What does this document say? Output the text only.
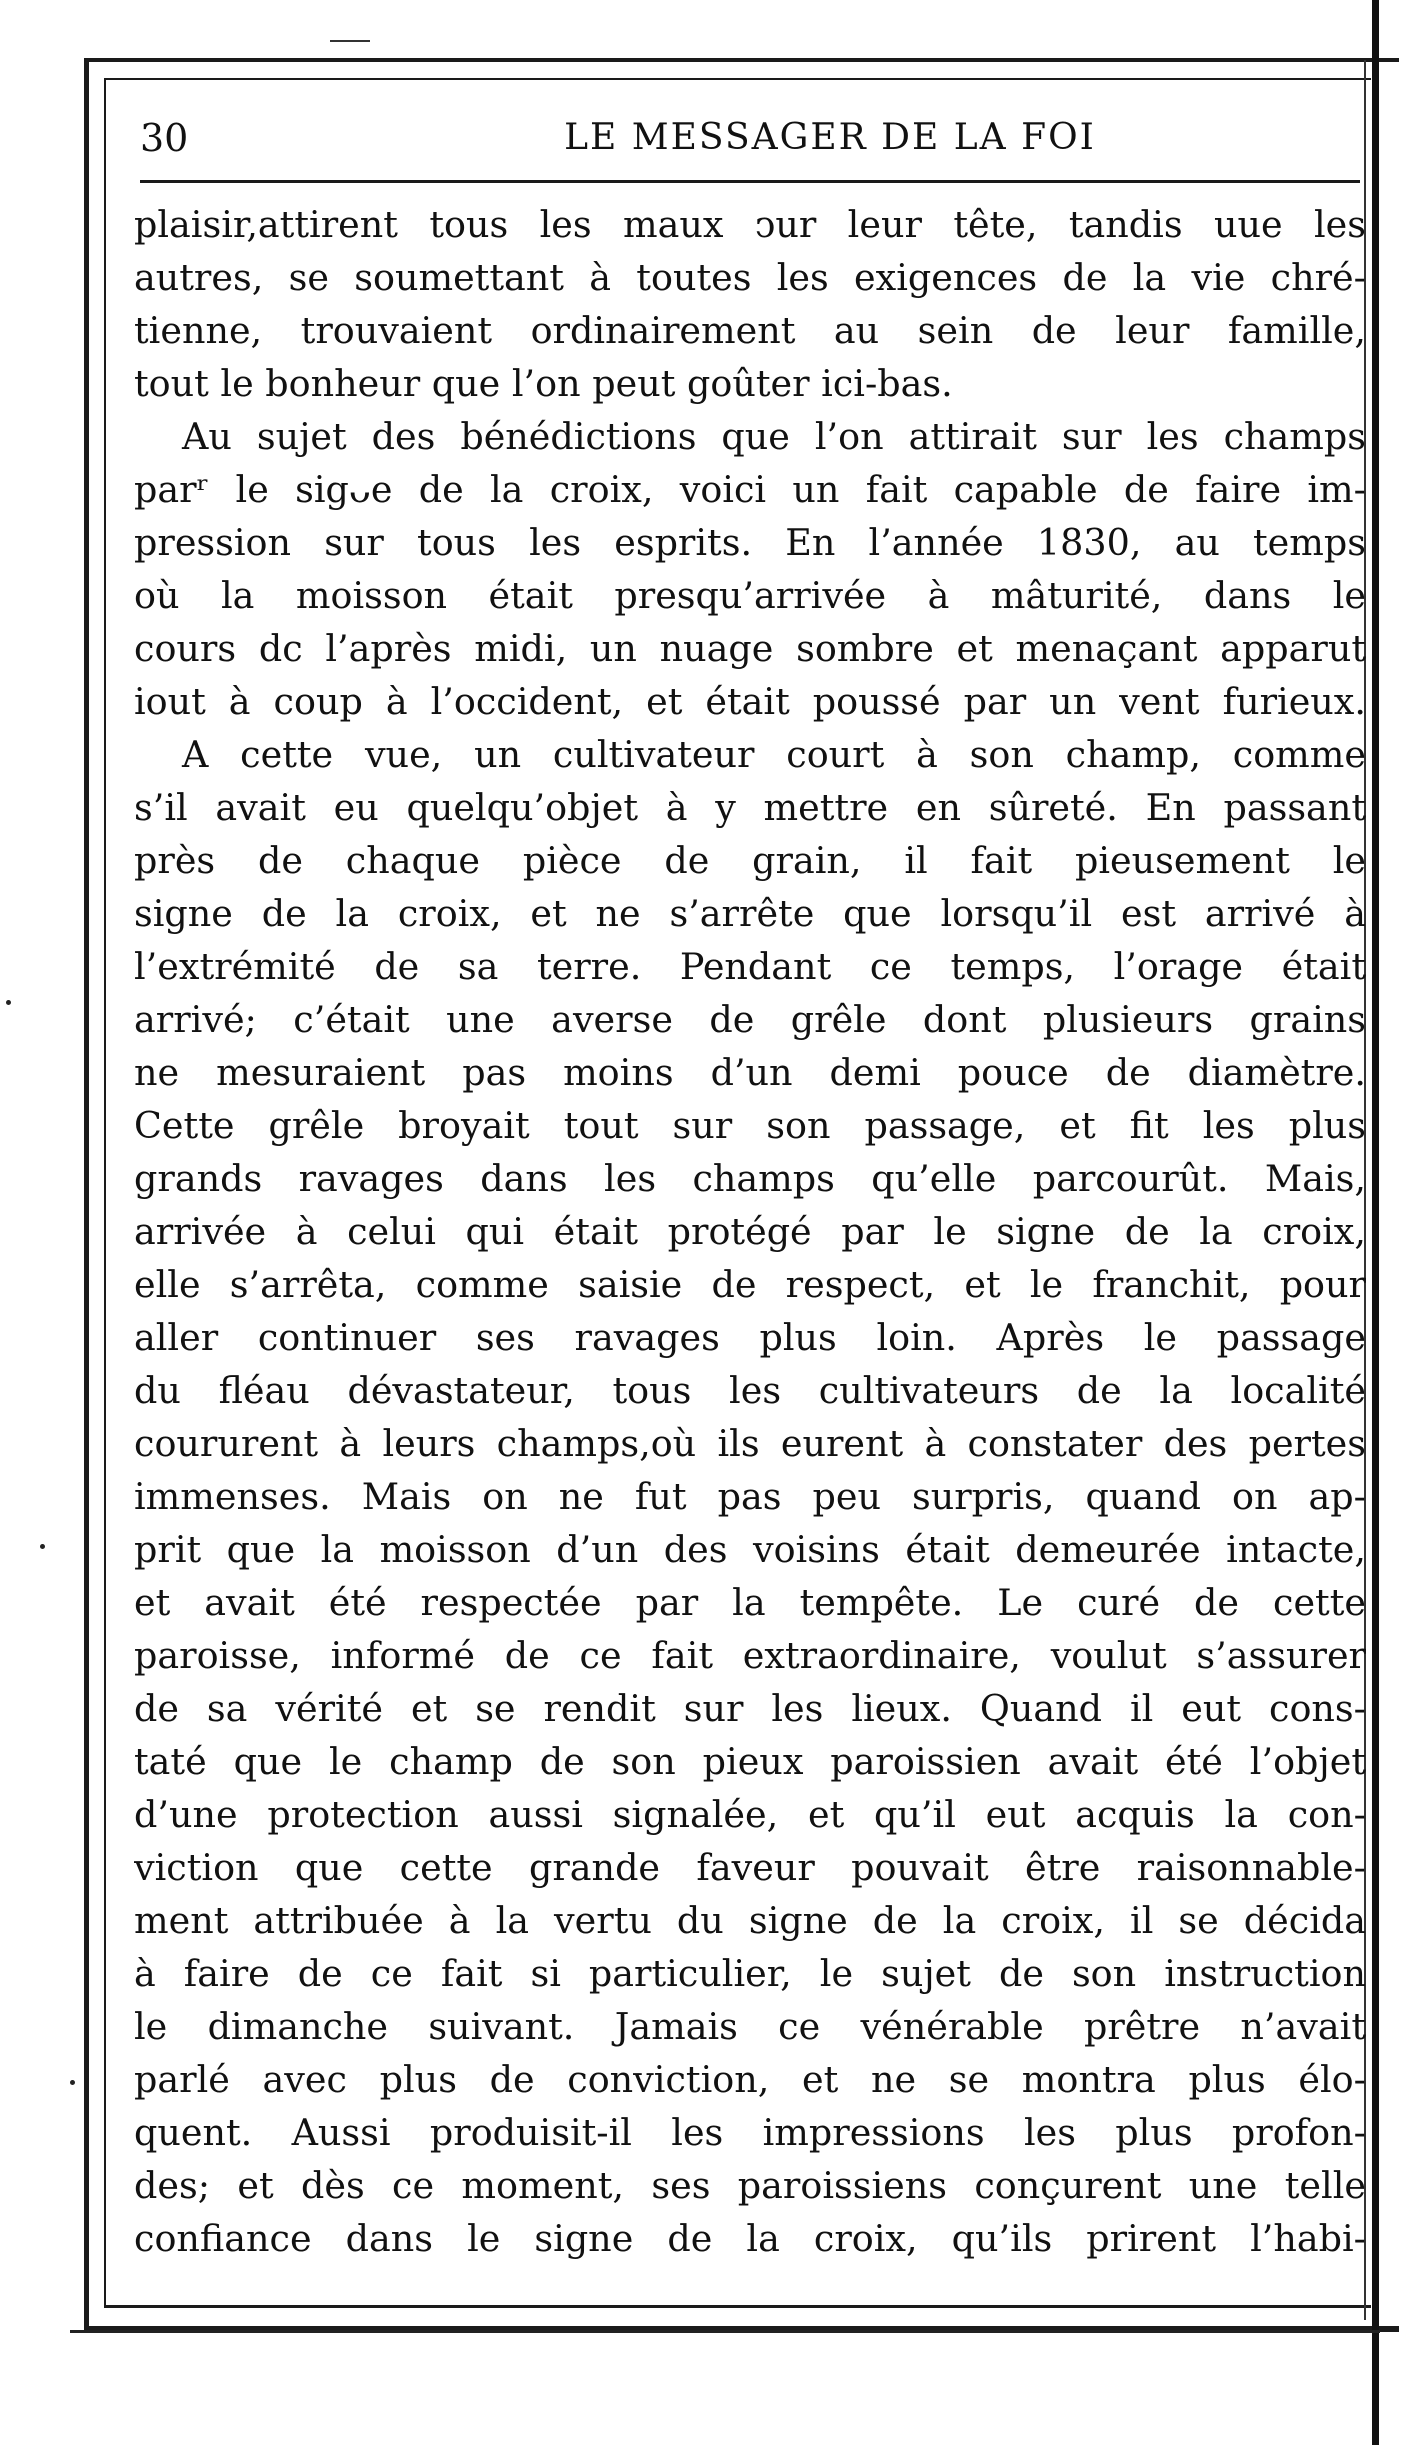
30	LE MESSAGER DE LA FOI
plaisir,attirent tous les maux ↄur leur tête, tandis uue les
autres, se soumettant à toutes les exigences de la vie chré-
tienne, trouvaient ordinairement au sein de leur famille,
tout le bonheur que l’on peut goûter ici-bas.
Au sujet des bénédictions que l’on attirait sur les champs
parʳ le sigᴗe de la croix, voici un fait capable de faire im-
pression sur tous les esprits. En l’année 1830, au temps
où la moiѕѕon était presqu’arrivée à mâturité, dans le
cours dc l’après midi, un nuage sombre et menaçant apparut
iout à coup à l’occident, et était poussé par un vent furieux.
A cette vue, un cultivateur court à son champ, comme
s’il avait eu quelqu’objet à y mettre en sûreté. En passant
près de chaque pièce de grain, il fait pieusement le
signe de la croix, et ne s’arrête que lorsqu’il est arrivé à
l’extrémité de sa terre. Pendant ce temps, l’orage était
arrivé; c’était une averse de grêle dont plusieurs grains
ne mesuraient pas moins d’un demi pouce de diamètre.
Cette grêle broyait tout sur son passage, et fit les plus
grands ravages dans les champs qu’elle parcourût. Mais,
arrivée à celui qui était protégé par le signe de la croix,
elle s’arrêta, comme saisie de respect, et le franchit, pour
aller continuer ses ravages plus loin. Après le passage
du fléau dévastateur, tous les cultivateurs de la localité
coururent à leurs champs,où ils eurent à constater des pertes
immenses. Mais on ne fut pas peu surpris, quand on ap-
prit que la moisson d’un des voisins était demeurée intacte,
et avait été respectée par la tempête. Le curé de cette
paroisse, informé de ce fait extraordinaire, voulut s’assurer
de sa vérité et se rendit sur les lieux. Quand il eut cons-
taté que le champ de son pieux paroissien avait été l’objet
d’une protection aussi signalée, et qu’il eut acquis la con-
viction que cette grande faveur pouvait être raisonnable-
ment attribuée à la vertu du signe de la croix, il se décida
à faire de ce fait si particulier, le sujet de son instruction
le dimanche suivant. Jamais ce vénérable prêtre n’avait
parlé avec plus de conviction, et ne se montra plus élo-
quent. Aussi produisit-il les impressions les plus profon-
des; et dès ce moment, ses paroissiens conçurent une telle
confiance dans le signe de la croix, qu’ils prirent l’habi-
